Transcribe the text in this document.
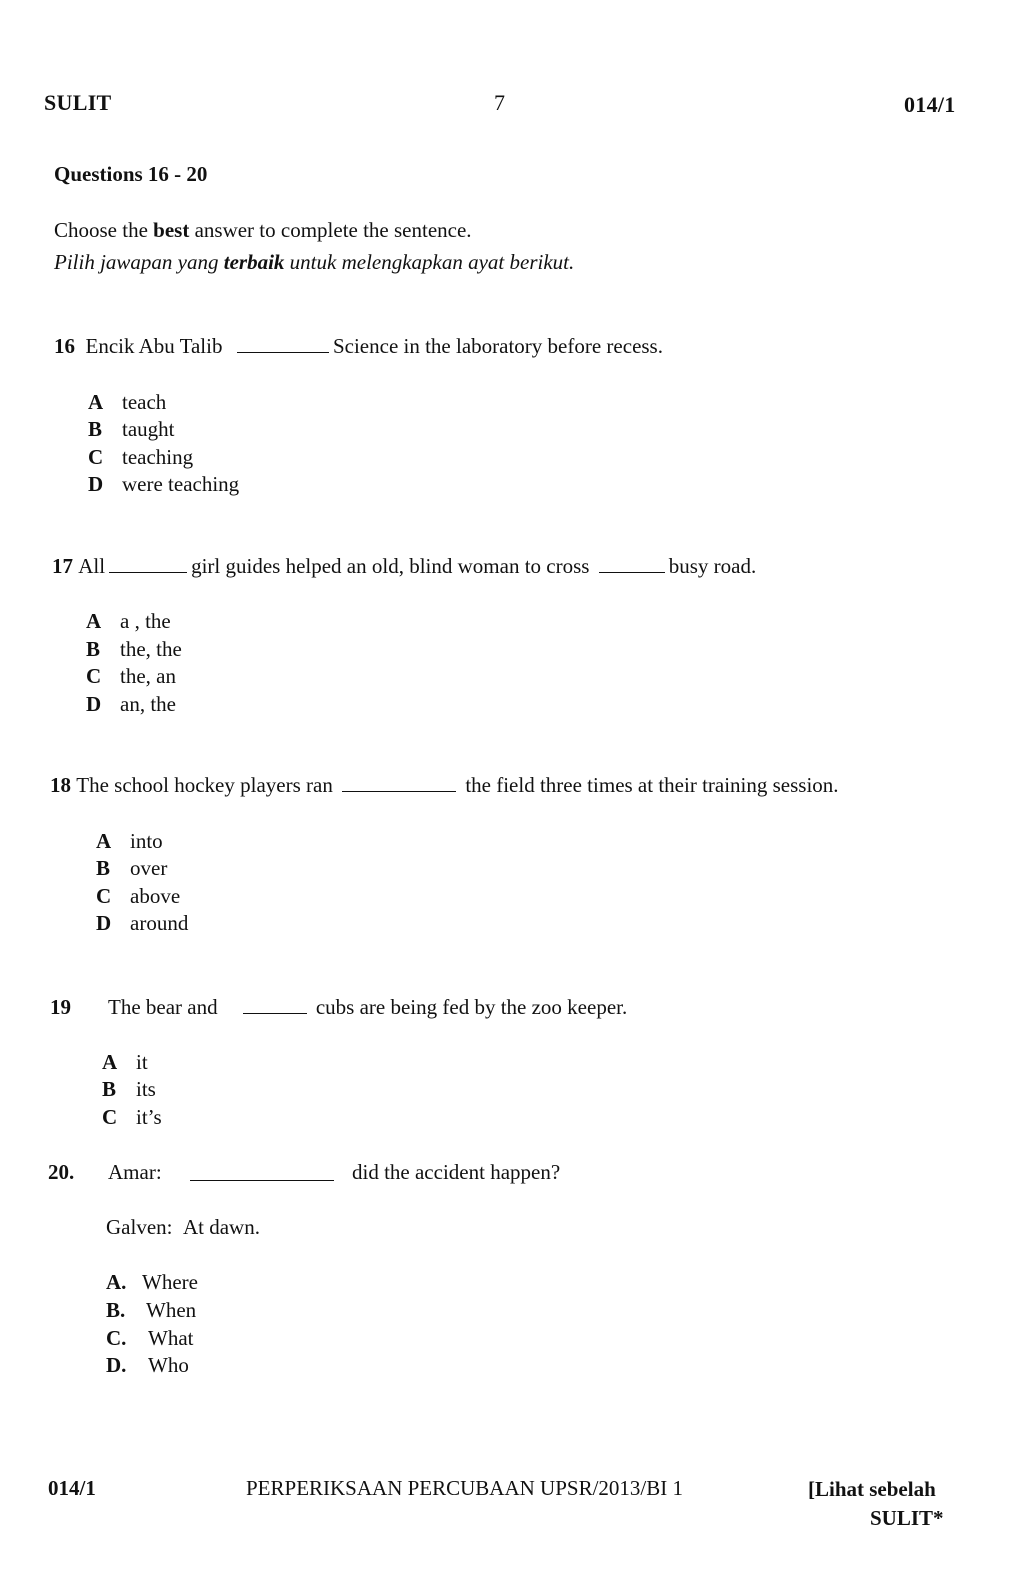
SULIT	7	014/1
Questions 16 - 20
Choose the best answer to complete the sentence.
Pilih jawapan yang terbaik untuk melengkapkan ayat berikut.
16 Encik Abu Talib	Science in the laboratory before recess.
A teach
B taught
C teaching
D were teaching
17 All	girl guides helped an old, blind woman to cross	busy road.
A a , the
B the, the
C the, an
D an, the
18 The school hockey players ran	the field three times at their training session.
A into
B over
C above
D around
19 The bear and	cubs are being fed by the zoo keeper.
A it
B its
C it’s
20. Amar:	did the accident happen?
Galven: At dawn.
A. Where
B. When
C. What
D. Who
014/1	PERPERIKSAAN PERCUBAAN UPSR/2013/BI 1	[Lihat sebelah
SULIT*
